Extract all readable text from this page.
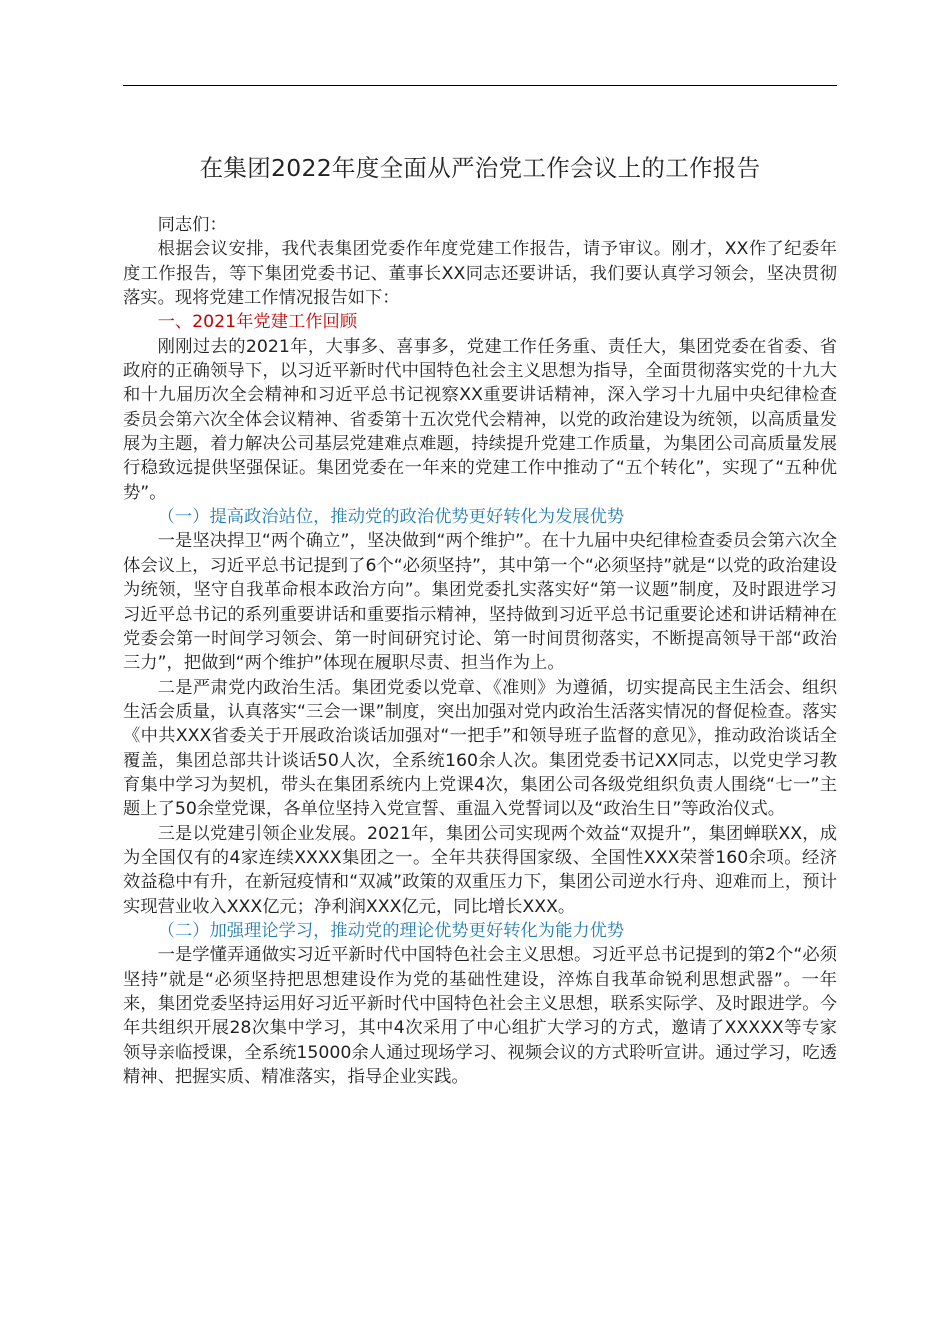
在集团2022年度全面从严治党工作会议上的工作报告

同志们：

根据会议安排，我代表集团党委作年度党建工作报告，请予审议。刚才，XX作了纪委年度工作报告，等下集团党委书记、董事长XX同志还要讲话，我们要认真学习领会，坚决贯彻落实。现将党建工作情况报告如下：

一、2021年党建工作回顾

刚刚过去的2021年，大事多、喜事多，党建工作任务重、责任大，集团党委在省委、省政府的正确领导下，以习近平新时代中国特色社会主义思想为指导，全面贯彻落实党的十九大和十九届历次全会精神和习近平总书记视察XX重要讲话精神，深入学习十九届中央纪律检查委员会第六次全体会议精神、省委第十五次党代会精神，以党的政治建设为统领，以高质量发展为主题，着力解决公司基层党建难点难题，持续提升党建工作质量，为集团公司高质量发展行稳致远提供坚强保证。集团党委在一年来的党建工作中推动了“五个转化”，实现了“五种优势”。

（一）提高政治站位，推动党的政治优势更好转化为发展优势

一是坚决捍卫“两个确立”，坚决做到“两个维护”。在十九届中央纪律检查委员会第六次全体会议上，习近平总书记提到了6个“必须坚持”，其中第一个“必须坚持”就是“以党的政治建设为统领，坚守自我革命根本政治方向”。集团党委扎实落实好“第一议题”制度，及时跟进学习习近平总书记的系列重要讲话和重要指示精神，坚持做到习近平总书记重要论述和讲话精神在党委会第一时间学习领会、第一时间研究讨论、第一时间贯彻落实，不断提高领导干部“政治三力”，把做到“两个维护”体现在履职尽责、担当作为上。

二是严肃党内政治生活。集团党委以党章、《准则》为遵循，切实提高民主生活会、组织生活会质量，认真落实“三会一课”制度，突出加强对党内政治生活落实情况的督促检查。落实《中共XXX省委关于开展政治谈话加强对“一把手”和领导班子监督的意见》，推动政治谈话全覆盖，集团总部共计谈话50人次，全系统160余人次。集团党委书记XX同志，以党史学习教育集中学习为契机，带头在集团系统内上党课4次，集团公司各级党组织负责人围绕“七一”主题上了50余堂党课，各单位坚持入党宣誓、重温入党誓词以及“政治生日”等政治仪式。

三是以党建引领企业发展。2021年，集团公司实现两个效益“双提升”，集团蝉联XX，成为全国仅有的4家连续XXXX集团之一。全年共获得国家级、全国性XXX荣誉160余项。经济效益稳中有升，在新冠疫情和“双减”政策的双重压力下，集团公司逆水行舟、迎难而上，预计实现营业收入XXX亿元；净利润XXX亿元，同比增长XXX。

（二）加强理论学习，推动党的理论优势更好转化为能力优势

一是学懂弄通做实习近平新时代中国特色社会主义思想。习近平总书记提到的第2个“必须坚持”就是“必须坚持把思想建设作为党的基础性建设，淬炼自我革命锐利思想武器”。一年来，集团党委坚持运用好习近平新时代中国特色社会主义思想，联系实际学、及时跟进学。今年共组织开展28次集中学习，其中4次采用了中心组扩大学习的方式，邀请了XXXXX等专家领导亲临授课，全系统15000余人通过现场学习、视频会议的方式聆听宣讲。通过学习，吃透精神、把握实质、精准落实，指导企业实践。
